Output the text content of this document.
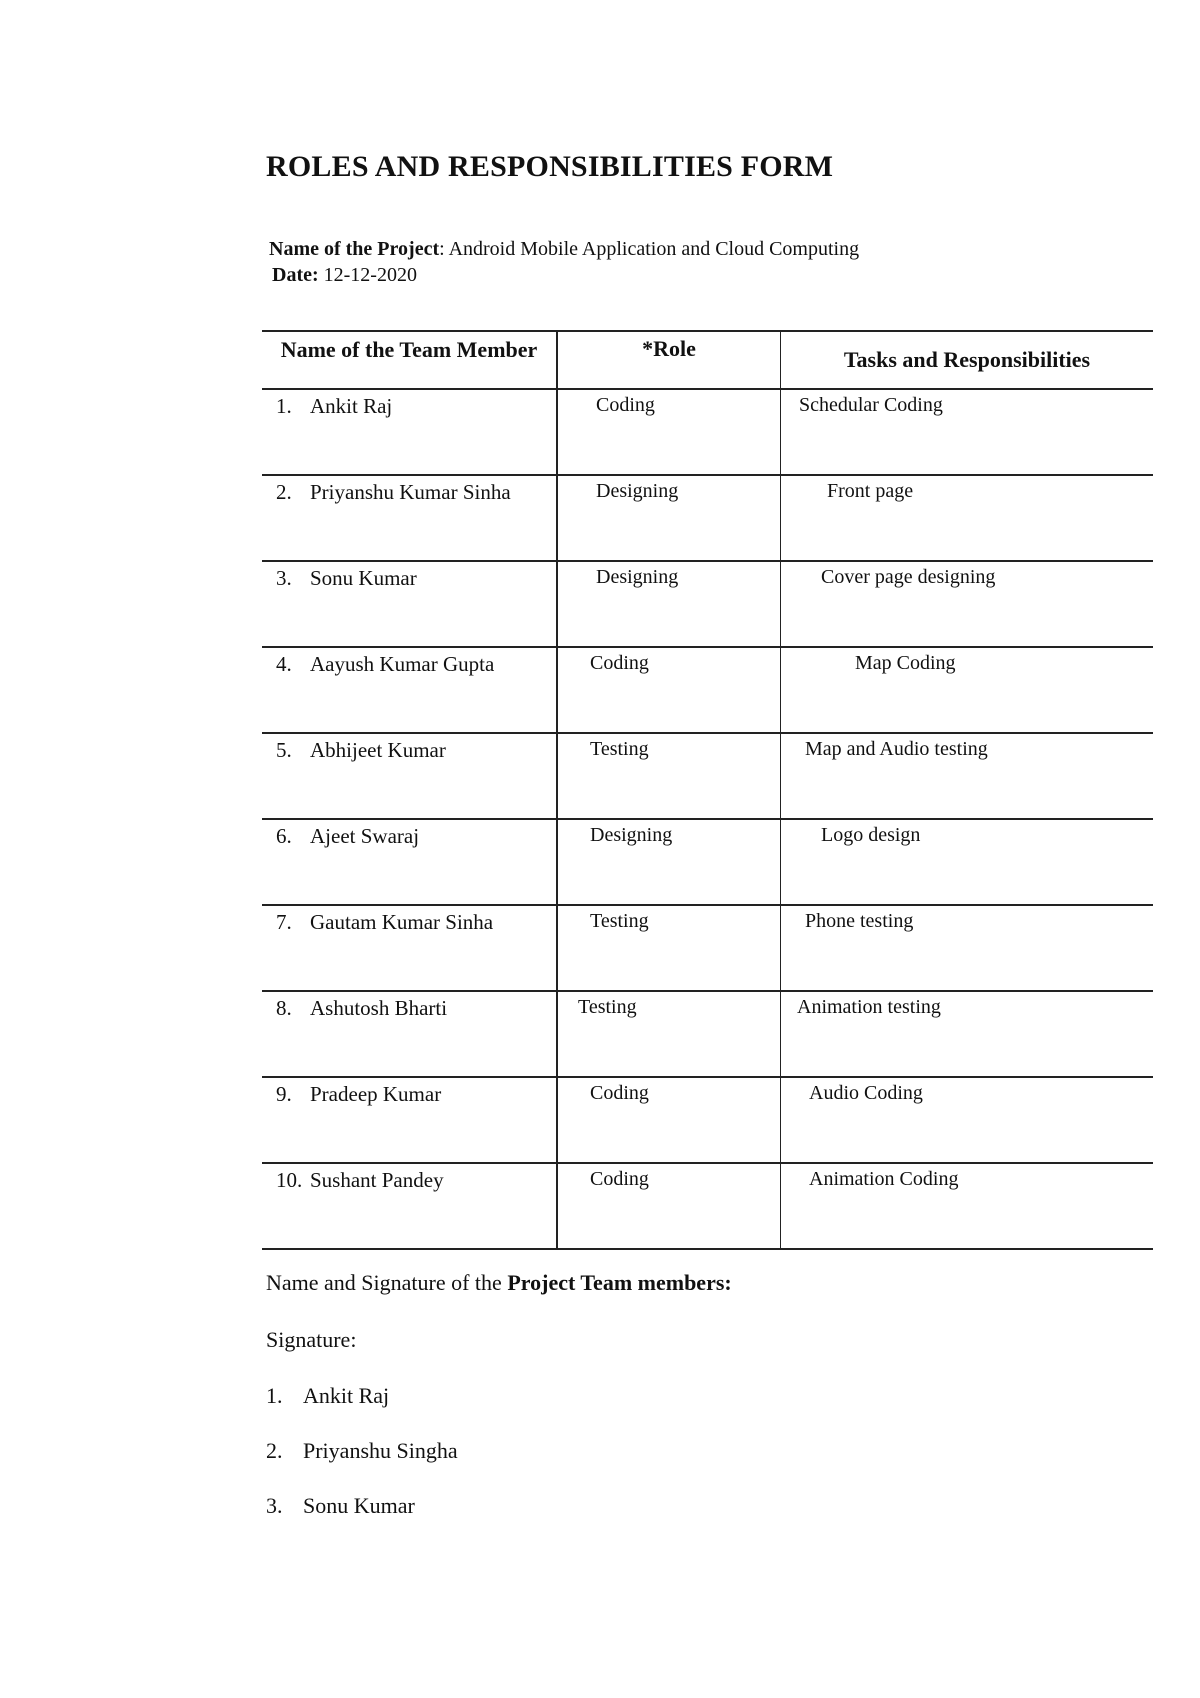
ROLES AND RESPONSIBILITIES FORM

Name of the Project: Android Mobile Application and Cloud Computing

Date: 12-12-2020

Name of the Team Member	*Role	Tasks and Responsibilities
1. Ankit Raj	Coding	Schedular Coding
2. Priyanshu Kumar Sinha	Designing	Front page
3. Sonu Kumar	Designing	Cover page designing
4. Aayush Kumar Gupta	Coding	Map Coding
5. Abhijeet Kumar	Testing	Map and Audio testing
6. Ajeet Swaraj	Designing	Logo design
7. Gautam Kumar Sinha	Testing	Phone testing
8. Ashutosh Bharti	Testing	Animation testing
9. Pradeep Kumar	Coding	Audio Coding
10. Sushant Pandey	Coding	Animation Coding

Name and Signature of the Project Team members:

Signature:

1. Ankit Raj
2. Priyanshu Singha
3. Sonu Kumar
